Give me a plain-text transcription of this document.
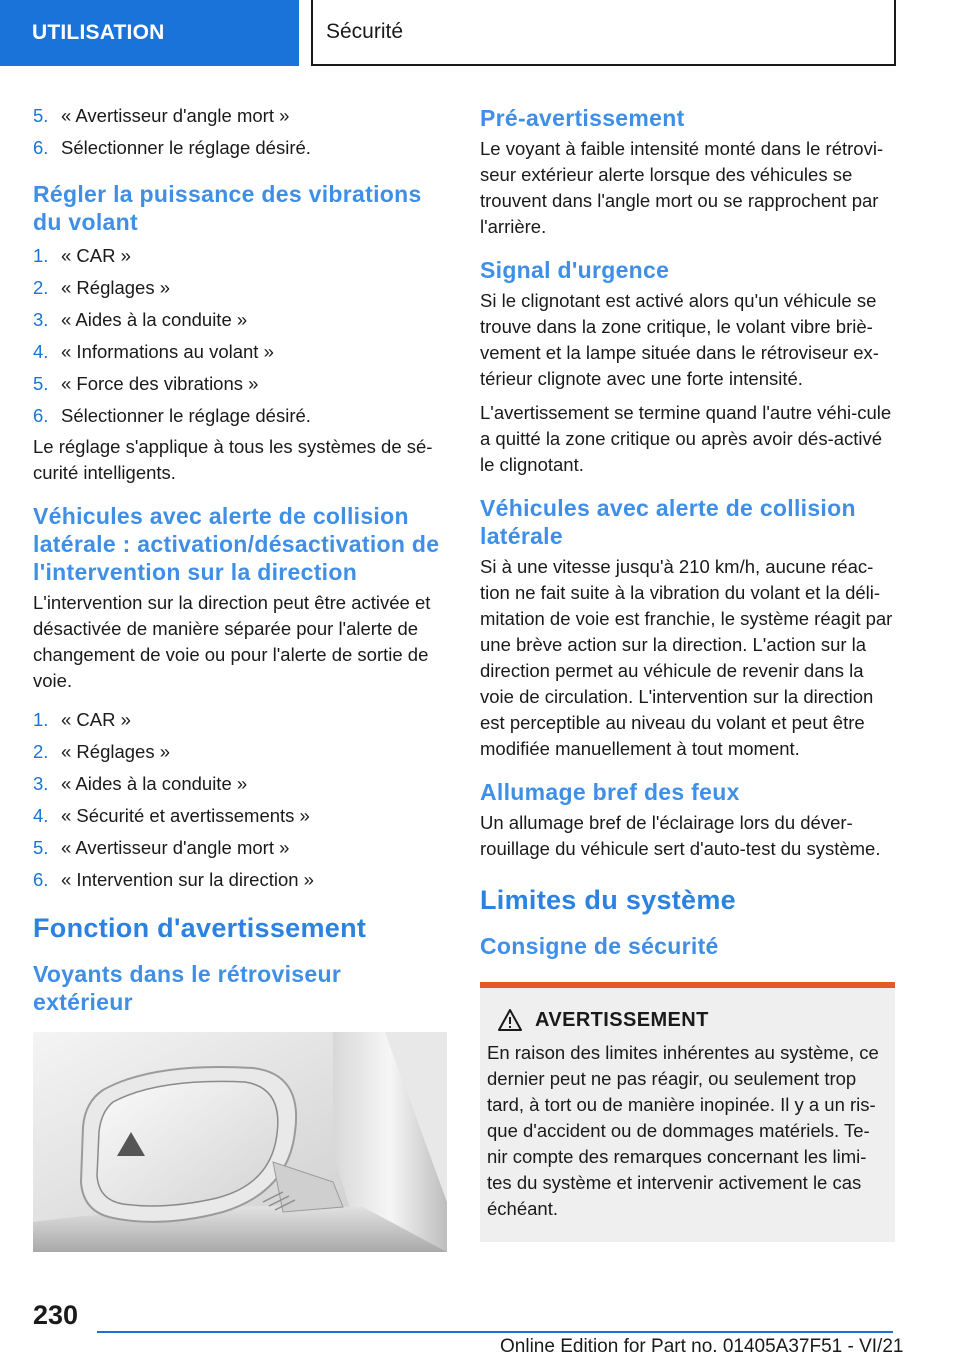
UTILISATION	Sécurité
5. « Avertisseur d'angle mort »
6. Sélectionner le réglage désiré.
Régler la puissance des vibrations du volant
1. « CAR »
2. « Réglages »
3. « Aides à la conduite »
4. « Informations au volant »
5. « Force des vibrations »
6. Sélectionner le réglage désiré.

Le réglage s'applique à tous les systèmes de sé-curité intelligents.

Véhicules avec alerte de collision latérale : activation/désactivation de l'intervention sur la direction

L'intervention sur la direction peut être activée et désactivée de manière séparée pour l'alerte de changement de voie ou pour l'alerte de sortie de voie.

1. « CAR »
2. « Réglages »
3. « Aides à la conduite »
4. « Sécurité et avertissements »
5. « Avertisseur d'angle mort »
6. « Intervention sur la direction »
Fonction d'avertissement
Voyants dans le rétroviseur extérieur
Pré-avertissement

Le voyant à faible intensité monté dans le rétrovi-seur extérieur alerte lorsque des véhicules se trouvent dans l'angle mort ou se rapprochent par l'arrière.

Signal d'urgence

Si le clignotant est activé alors qu'un véhicule se trouve dans la zone critique, le volant vibre briè-vement et la lampe située dans le rétroviseur ex-térieur clignote avec une forte intensité.

L'avertissement se termine quand l'autre véhi-cule a quitté la zone critique ou après avoir dés-activé le clignotant.

Véhicules avec alerte de collision latérale

Si à une vitesse jusqu'à 210 km/h, aucune réac-tion ne fait suite à la vibration du volant et la déli-mitation de voie est franchie, le système réagit par une brève action sur la direction. L'action sur la direction permet au véhicule de revenir dans la voie de circulation. L'intervention sur la direction est perceptible au niveau du volant et peut être modifiée manuellement à tout moment.

Allumage bref des feux

Un allumage bref de l'éclairage lors du déver-rouillage du véhicule sert d'auto-test du système.

Limites du système
Consigne de sécurité
AVERTISSEMENT

En raison des limites inhérentes au système, ce dernier peut ne pas réagir, ou seulement trop tard, à tort ou de manière inopinée. Il y a un ris-que d'accident ou de dommages matériels. Te-nir compte des remarques concernant les limi-tes du système et intervenir activement le cas échéant.

230
Online Edition for Part no. 01405A37F51 - VI/21
